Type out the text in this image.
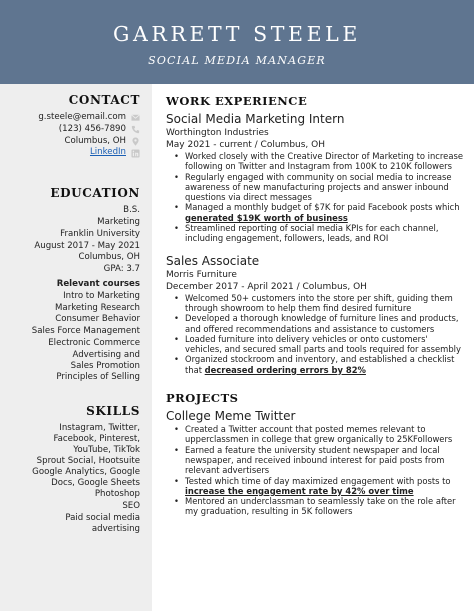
GARRETT STEELE
SOCIAL MEDIA MANAGER
CONTACT
g.steele@email.com
(123) 456-7890
Columbus, OH
LinkedIn
EDUCATION
B.S.
Marketing
Franklin University
August 2017 - May 2021
Columbus, OH
GPA: 3.7
Relevant courses
Intro to Marketing
Marketing Research
Consumer Behavior
Sales Force Management
Electronic Commerce
Advertising and Sales Promotion
Principles of Selling
SKILLS
Instagram, Twitter, Facebook, Pinterest, YouTube, TikTok
Sprout Social, Hootsuite
Google Analytics, Google Docs, Google Sheets
Photoshop
SEO
Paid social media advertising
WORK EXPERIENCE
Social Media Marketing Intern
Worthington Industries
May 2021 - current / Columbus, OH
• Worked closely with the Creative Director of Marketing to increase following on Twitter and Instagram from 100K to 210K followers
• Regularly engaged with community on social media to increase awareness of new manufacturing projects and answer inbound questions via direct messages
• Managed a monthly budget of $7K for paid Facebook posts which generated $19K worth of business
• Streamlined reporting of social media KPIs for each channel, including engagement, followers, leads, and ROI
Sales Associate
Morris Furniture
December 2017 - April 2021 / Columbus, OH
• Welcomed 50+ customers into the store per shift, guiding them through showroom to help them find desired furniture
• Developed a thorough knowledge of furniture lines and products, and offered recommendations and assistance to customers
• Loaded furniture into delivery vehicles or onto customers' vehicles, and secured small parts and tools required for assembly
• Organized stockroom and inventory, and established a checklist that decreased ordering errors by 82%
PROJECTS
College Meme Twitter
• Created a Twitter account that posted memes relevant to upperclassmen in college that grew organically to 25KFollowers
• Earned a feature the university student newspaper and local newspaper, and received inbound interest for paid posts from relevant advertisers
• Tested which time of day maximized engagement with posts to increase the engagement rate by 42% over time
• Mentored an underclassman to seamlessly take on the role after my graduation, resulting in 5K followers
